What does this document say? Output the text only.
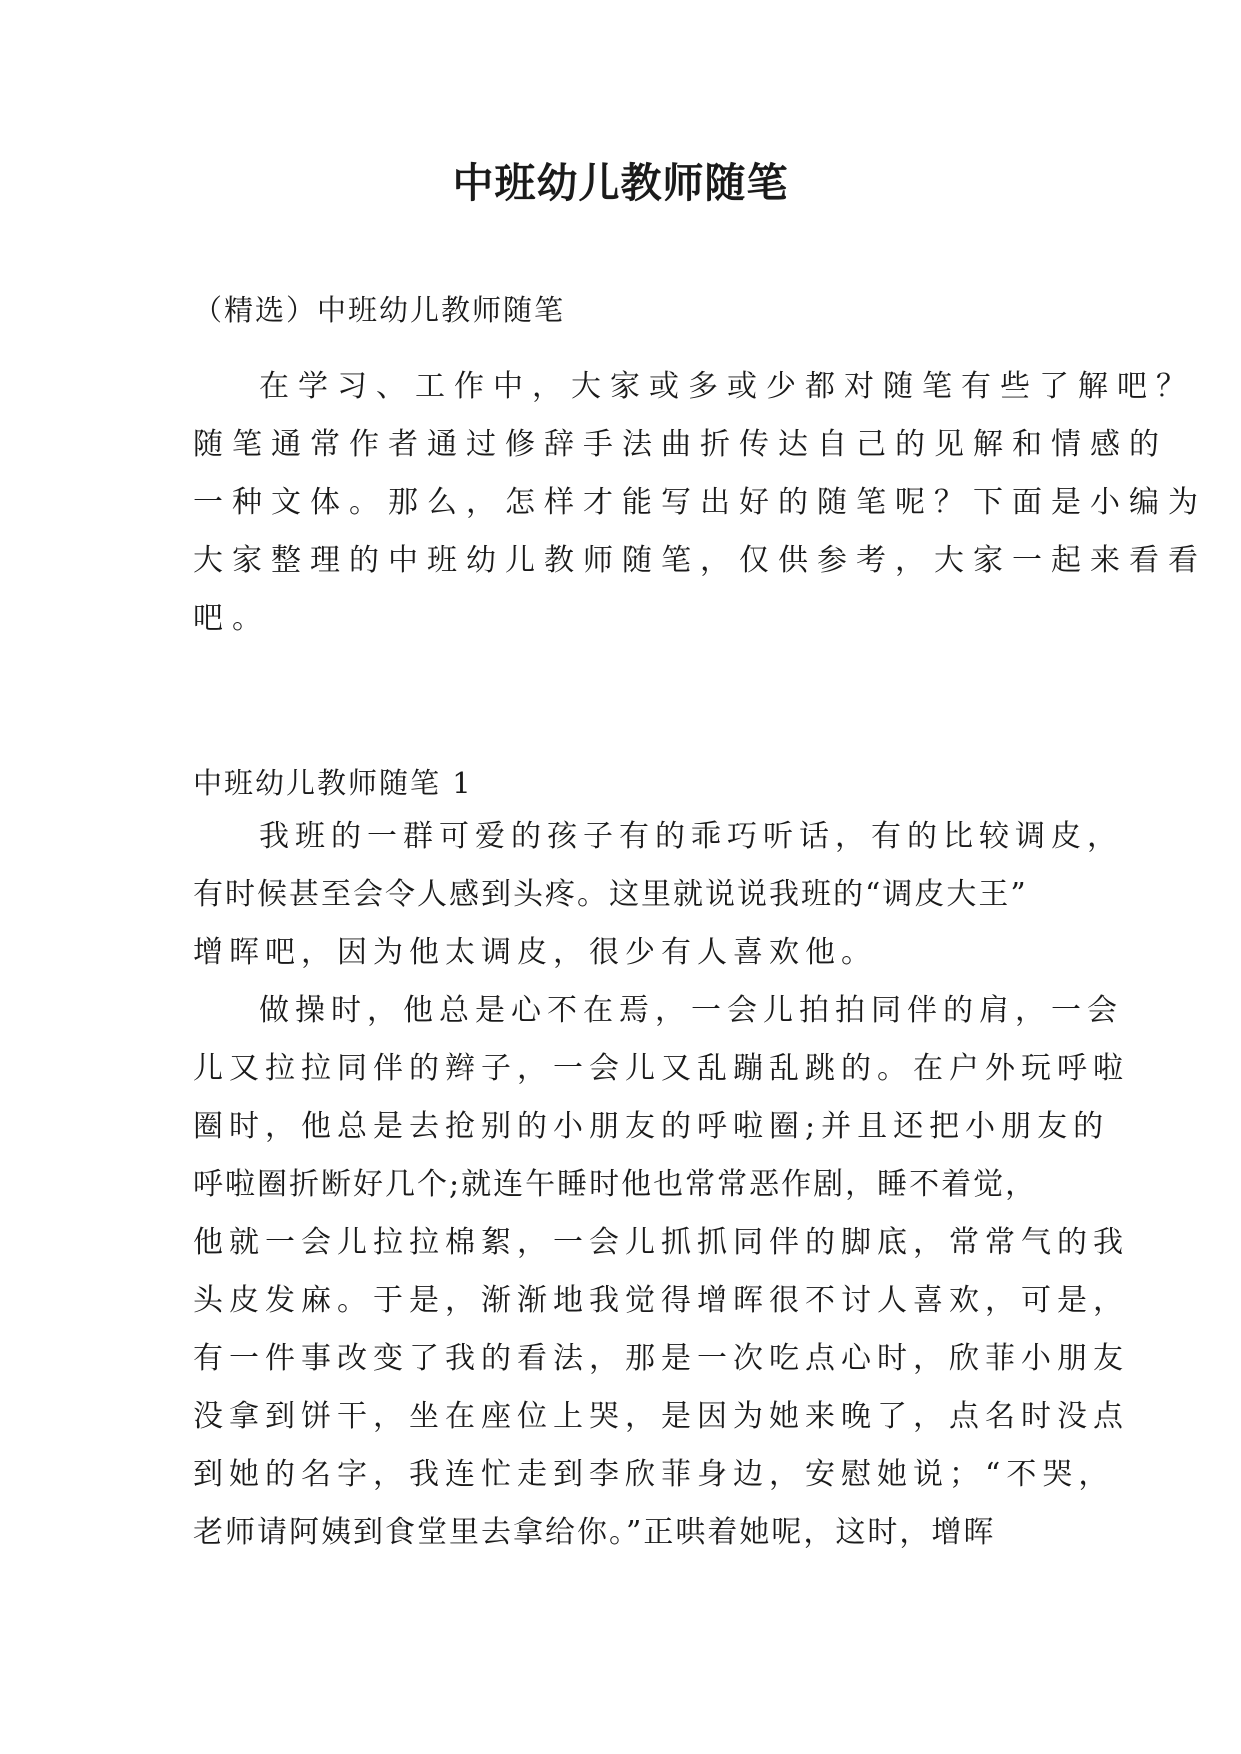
中班幼儿教师随笔

（精选）中班幼儿教师随笔

在学习、工作中，大家或多或少都对随笔有些了解吧？
随笔通常作者通过修辞手法曲折传达自己的见解和情感的
一种文体。那么，怎样才能写出好的随笔呢？下面是小编为
大家整理的中班幼儿教师随笔，仅供参考，大家一起来看看
吧。

中班幼儿教师随笔 1

我班的一群可爱的孩子有的乖巧听话，有的比较调皮，
有时候甚至会令人感到头疼。这里就说说我班的“调皮大王”
增晖吧，因为他太调皮，很少有人喜欢他。
做操时，他总是心不在焉，一会儿拍拍同伴的肩，一会
儿又拉拉同伴的辫子，一会儿又乱蹦乱跳的。在户外玩呼啦
圈时，他总是去抢别的小朋友的呼啦圈;并且还把小朋友的
呼啦圈折断好几个;就连午睡时他也常常恶作剧，睡不着觉，
他就一会儿拉拉棉絮，一会儿抓抓同伴的脚底，常常气的我
头皮发麻。于是，渐渐地我觉得增晖很不讨人喜欢，可是，
有一件事改变了我的看法，那是一次吃点心时，欣菲小朋友
没拿到饼干，坐在座位上哭，是因为她来晚了，点名时没点
到她的名字，我连忙走到李欣菲身边，安慰她说；“不哭，
老师请阿姨到食堂里去拿给你。”正哄着她呢，这时，增晖
